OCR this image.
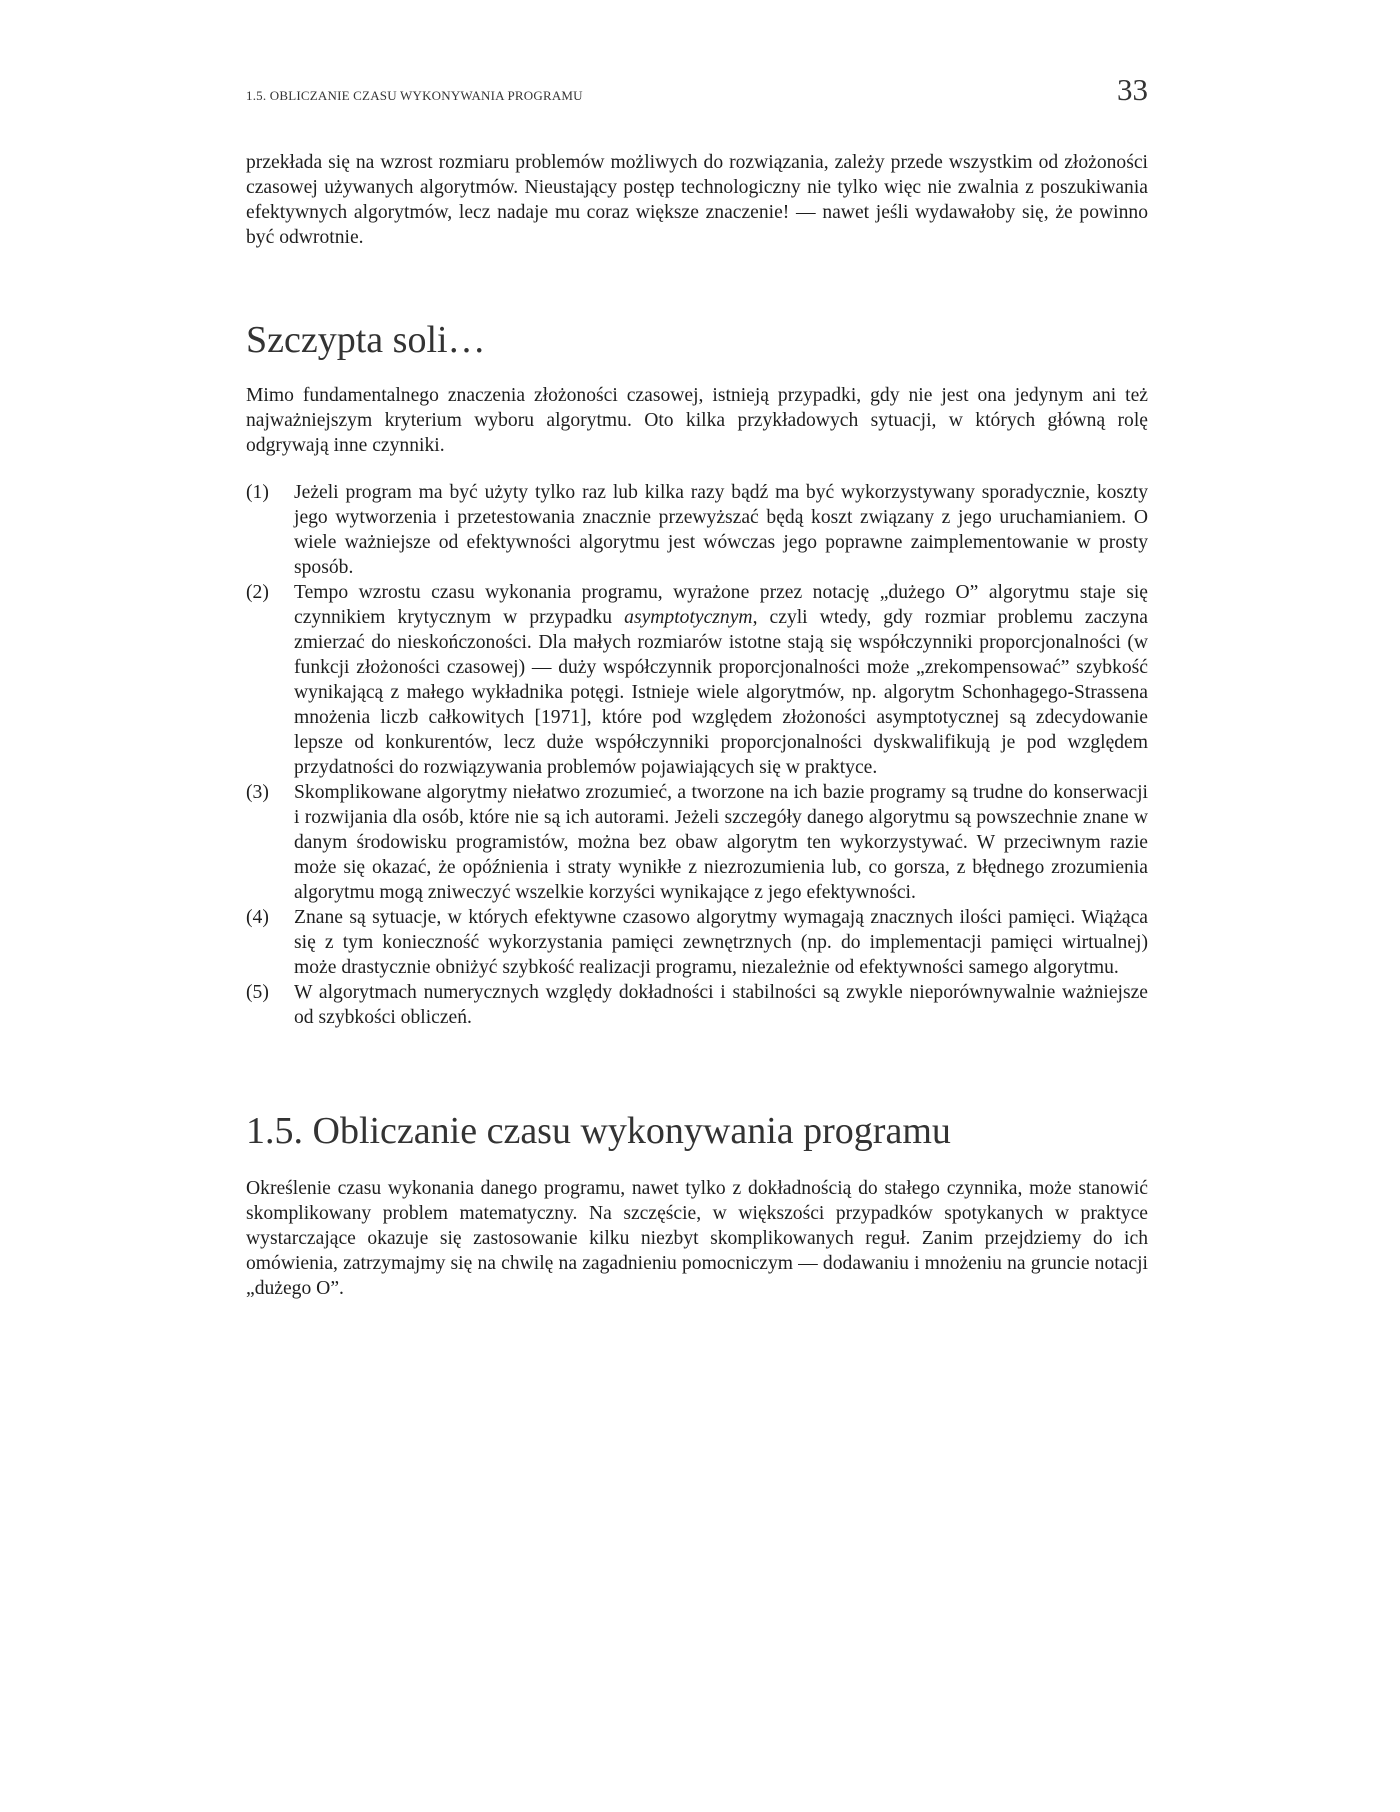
1.5. OBLICZANIE CZASU WYKONYWANIA PROGRAMU	33

przekłada się na wzrost rozmiaru problemów możliwych do rozwiązania, zależy przede wszystkim od złożoności czasowej używanych algorytmów. Nieustający postęp technologiczny nie tylko więc nie zwalnia z poszukiwania efektywnych algorytmów, lecz nadaje mu coraz większe znaczenie! — nawet jeśli wydawałoby się, że powinno być odwrotnie.

Szczypta soli…

Mimo fundamentalnego znaczenia złożoności czasowej, istnieją przypadki, gdy nie jest ona jedynym ani też najważniejszym kryterium wyboru algorytmu. Oto kilka przykładowych sytuacji, w których główną rolę odgrywają inne czynniki.

(1) Jeżeli program ma być użyty tylko raz lub kilka razy bądź ma być wykorzystywany sporadycznie, koszty jego wytworzenia i przetestowania znacznie przewyższać będą koszt związany z jego uruchamianiem. O wiele ważniejsze od efektywności algorytmu jest wówczas jego poprawne zaimplementowanie w prosty sposób.
(2) Tempo wzrostu czasu wykonania programu, wyrażone przez notację „dużego O” algorytmu staje się czynnikiem krytycznym w przypadku asymptotycznym, czyli wtedy, gdy rozmiar problemu zaczyna zmierzać do nieskończoności. Dla małych rozmiarów istotne stają się współczynniki proporcjonalności (w funkcji złożoności czasowej) — duży współczynnik proporcjonalności może „zrekompensować” szybkość wynikającą z małego wykładnika potęgi. Istnieje wiele algorytmów, np. algorytm Schonhagego-Strassena mnożenia liczb całkowitych [1971], które pod względem złożoności asymptotycznej są zdecydowanie lepsze od konkurentów, lecz duże współczynniki proporcjonalności dyskwalifikują je pod względem przydatności do rozwiązywania problemów pojawiających się w praktyce.
(3) Skomplikowane algorytmy niełatwo zrozumieć, a tworzone na ich bazie programy są trudne do konserwacji i rozwijania dla osób, które nie są ich autorami. Jeżeli szczegóły danego algorytmu są powszechnie znane w danym środowisku programistów, można bez obaw algorytm ten wykorzystywać. W przeciwnym razie może się okazać, że opóźnienia i straty wynikłe z niezrozumienia lub, co gorsza, z błędnego zrozumienia algorytmu mogą zniweczyć wszelkie korzyści wynikające z jego efektywności.
(4) Znane są sytuacje, w których efektywne czasowo algorytmy wymagają znacznych ilości pamięci. Wiążąca się z tym konieczność wykorzystania pamięci zewnętrznych (np. do implementacji pamięci wirtualnej) może drastycznie obniżyć szybkość realizacji programu, niezależnie od efektywności samego algorytmu.
(5) W algorytmach numerycznych względy dokładności i stabilności są zwykle nieporównywalnie ważniejsze od szybkości obliczeń.
1.5. Obliczanie czasu wykonywania programu

Określenie czasu wykonania danego programu, nawet tylko z dokładnością do stałego czynnika, może stanowić skomplikowany problem matematyczny. Na szczęście, w większości przypadków spotykanych w praktyce wystarczające okazuje się zastosowanie kilku niezbyt skomplikowanych reguł. Zanim przejdziemy do ich omówienia, zatrzymajmy się na chwilę na zagadnieniu pomocniczym — dodawaniu i mnożeniu na gruncie notacji „dużego O”.
